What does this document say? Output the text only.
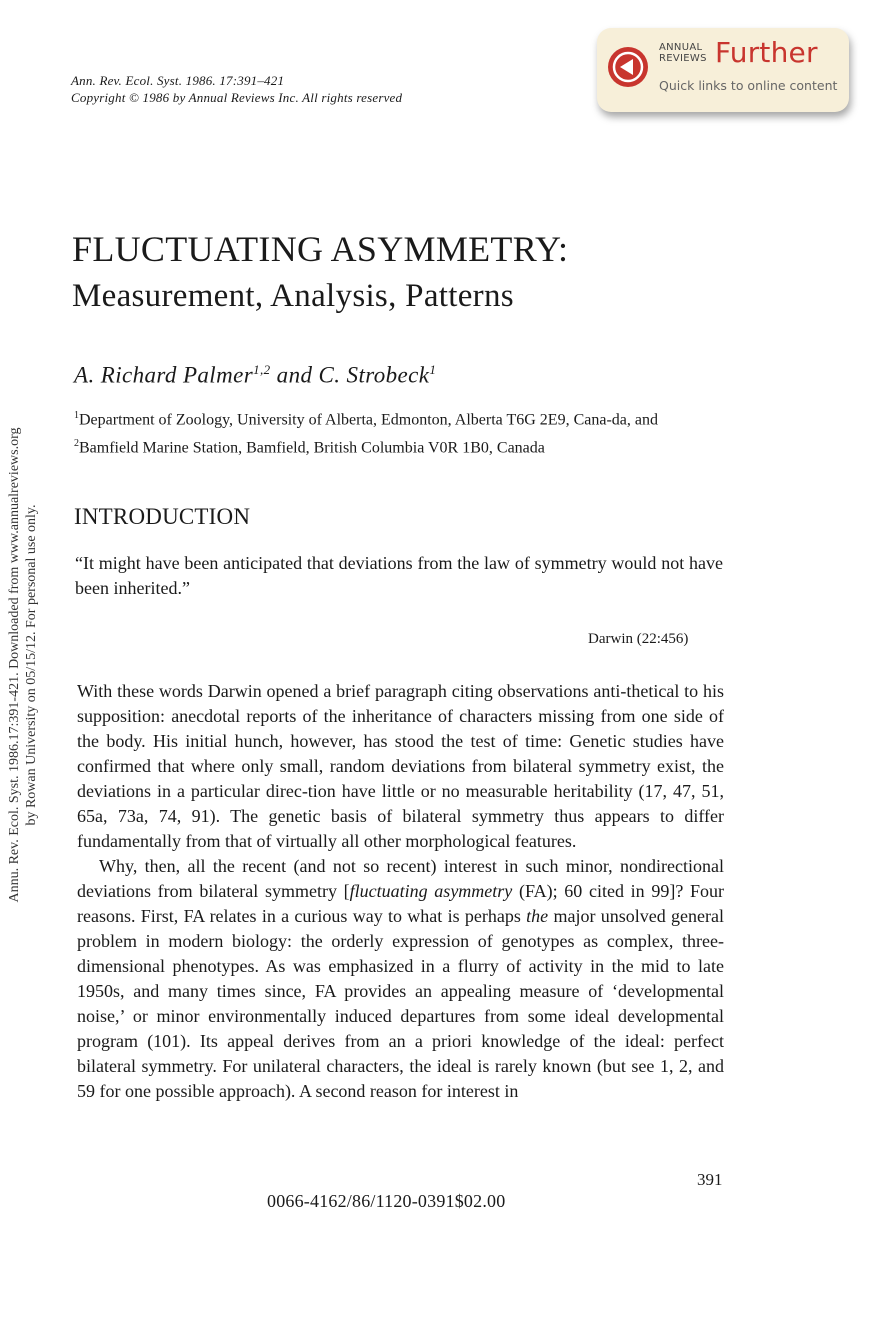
Ann. Rev. Ecol. Syst. 1986. 17:391–421
Copyright © 1986 by Annual Reviews Inc. All rights reserved
ANNUAL
REVIEWS Further
Quick links to online content
FLUCTUATING ASYMMETRY:
Measurement, Analysis, Patterns
A. Richard Palmer$^{1,2}$ and C. Strobeck$^1$
$^1$Department of Zoology, University of Alberta, Edmonton, Alberta T6G 2E9, Cana-da, and $^2$Bamfield Marine Station, Bamfield, British Columbia V0R 1B0, Canada
INTRODUCTION
“It might have been anticipated that deviations from the law of symmetry would not have been inherited.”
Darwin (22:456)

With these words Darwin opened a brief paragraph citing observations anti-thetical to his supposition: anecdotal reports of the inheritance of characters missing from one side of the body. His initial hunch, however, has stood the test of time: Genetic studies have confirmed that where only small, random deviations from bilateral symmetry exist, the deviations in a particular direc-tion have little or no measurable heritability (17, 47, 51, 65a, 73a, 74, 91). The genetic basis of bilateral symmetry thus appears to differ fundamentally from that of virtually all other morphological features.

Why, then, all the recent (and not so recent) interest in such minor, nondirectional deviations from bilateral symmetry [fluctuating asymmetry (FA); 60 cited in 99]? Four reasons. First, FA relates in a curious way to what is perhaps the major unsolved general problem in modern biology: the orderly expression of genotypes as complex, three-dimensional phenotypes. As was emphasized in a flurry of activity in the mid to late 1950s, and many times since, FA provides an appealing measure of ‘developmental noise,’ or minor environmentally induced departures from some ideal developmental program (101). Its appeal derives from an a priori knowledge of the ideal: perfect bilateral symmetry. For unilateral characters, the ideal is rarely known (but see 1, 2, and 59 for one possible approach). A second reason for interest in

391
0066-4162/86/1120-0391$02.00
Annu. Rev. Ecol. Syst. 1986.17:391-421. Downloaded from www.annualreviews.org by Rowan University on 05/15/12. For personal use only.
